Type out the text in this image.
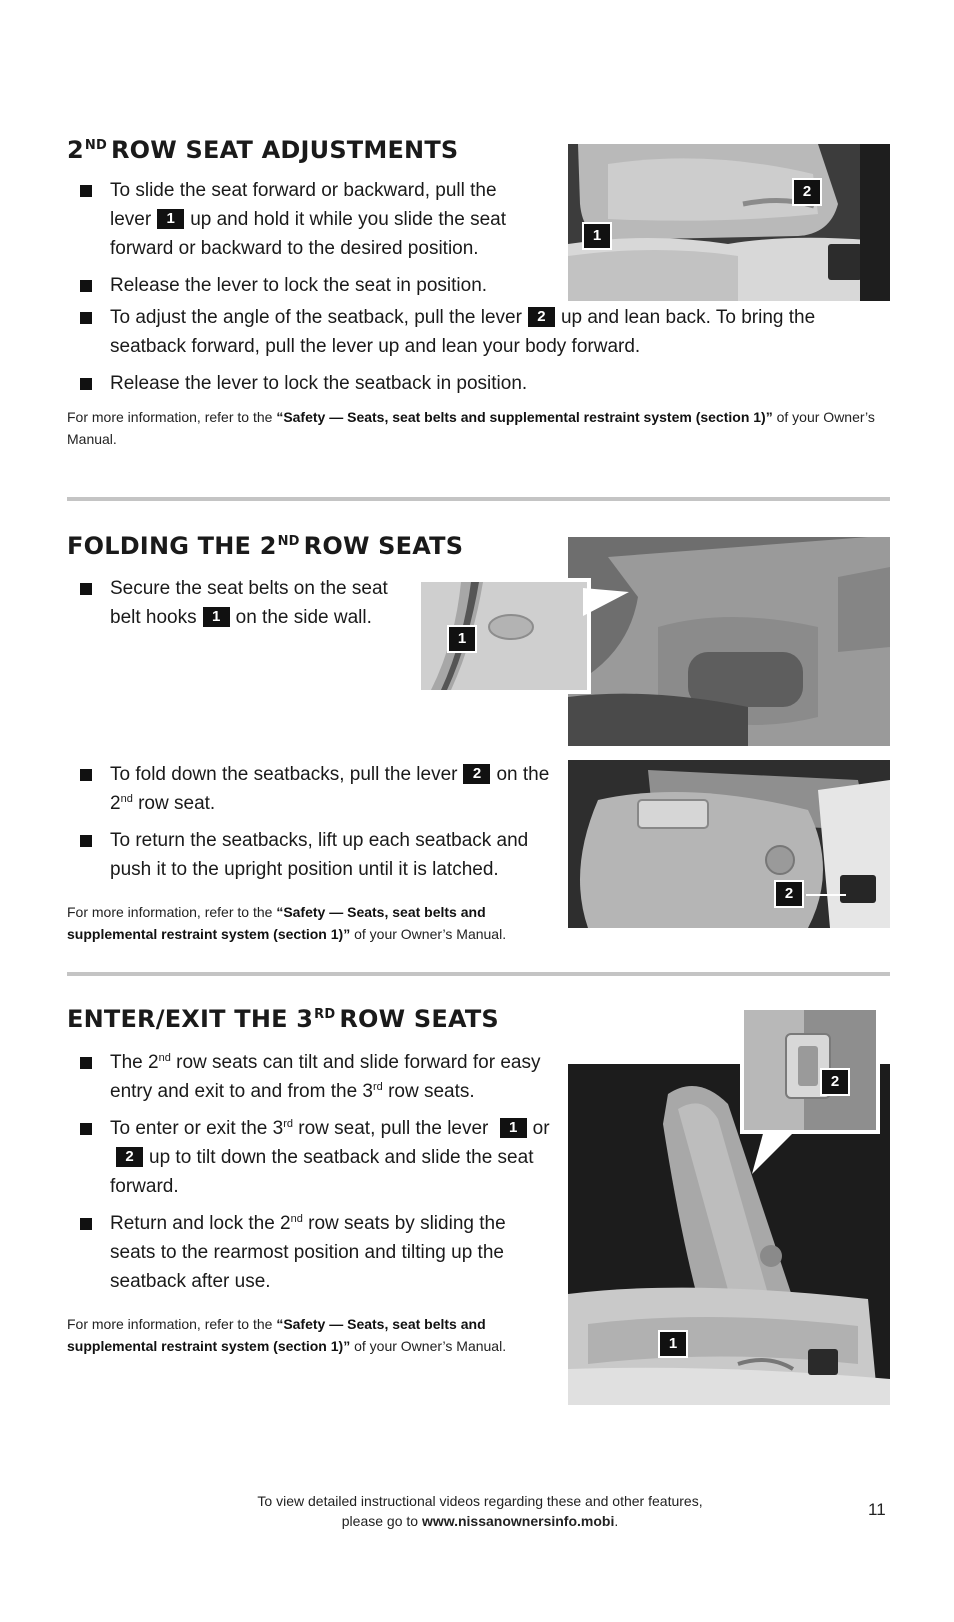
2ND ROW SEAT ADJUSTMENTS
To slide the seat forward or backward, pull the lever 1 up and hold it while you slide the seat forward or backward to the desired position.
Release the lever to lock the seat in position.
To adjust the angle of the seatback, pull the lever 2 up and lean back. To bring the seatback forward, pull the lever up and lean your body forward.
Release the lever to lock the seatback in position.

For more information, refer to the “Safety — Seats, seat belts and supplemental restraint system (section 1)” of your Owner’s Manual.

2
1
FOLDING THE 2ND ROW SEATS
Secure the seat belts on the seat belt hooks 1 on the side wall.
To fold down the seatbacks, pull the lever 2 on the 2nd row seat.
To return the seatbacks, lift up each seatback and push it to the upright position until it is latched.

For more information, refer to the “Safety — Seats, seat belts and supplemental restraint system (section 1)” of your Owner’s Manual.

1
2
ENTER/EXIT THE 3RD ROW SEATS
The 2nd row seats can tilt and slide forward for easy entry and exit to and from the 3rd row seats.
To enter or exit the 3rd row seat, pull the lever 1 or2 up to tilt down the seatback and slide the seat forward.
Return and lock the 2nd row seats by sliding the seats to the rearmost position and tilting up the seatback after use.

For more information, refer to the “Safety — Seats, seat belts and supplemental restraint system (section 1)” of your Owner’s Manual.	1
2
To view detailed instructional videos regarding these and other features,
please go to www.nissanownersinfo.mobi.
11
